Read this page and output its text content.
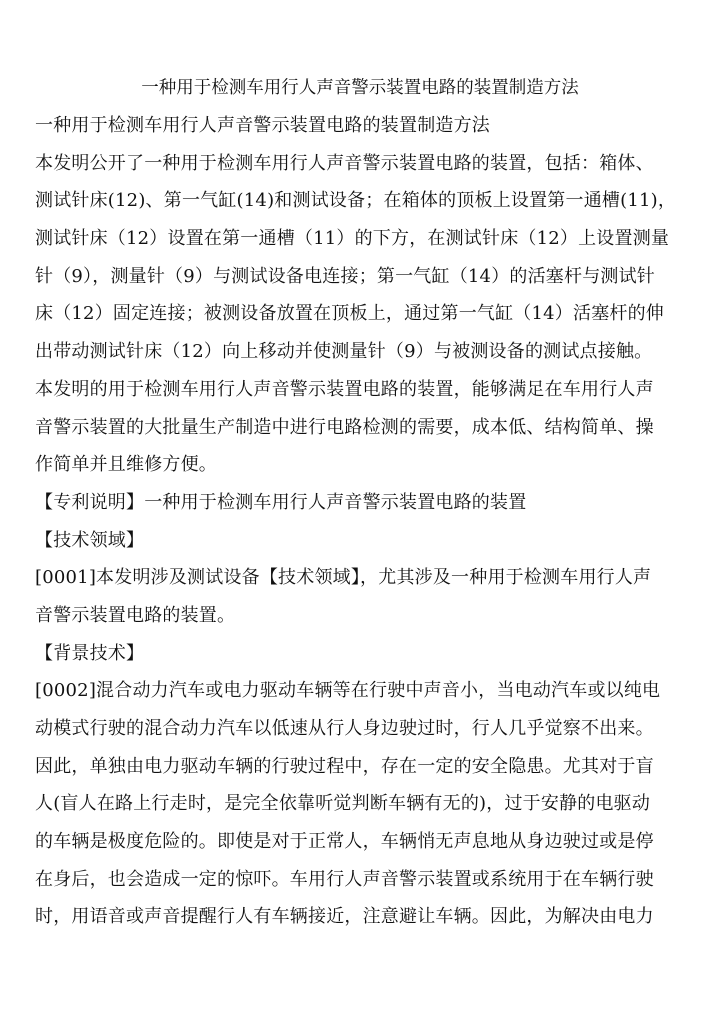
一种用于检测车用行人声音警示装置电路的装置制造方法
一种用于检测车用行人声音警示装置电路的装置制造方法
本发明公开了一种用于检测车用行人声音警示装置电路的装置，包括：箱体、
测试针床(12)、第一气缸(14)和测试设备；在箱体的顶板上设置第一通槽(11)，
测试针床（12）设置在第一通槽（11）的下方，在测试针床（12）上设置测量
针（9），测量针（9）与测试设备电连接；第一气缸（14）的活塞杆与测试针
床（12）固定连接；被测设备放置在顶板上，通过第一气缸（14）活塞杆的伸
出带动测试针床（12）向上移动并使测量针（9）与被测设备的测试点接触。
本发明的用于检测车用行人声音警示装置电路的装置，能够满足在车用行人声
音警示装置的大批量生产制造中进行电路检测的需要，成本低、结构简单、操
作简单并且维修方便。
【专利说明】一种用于检测车用行人声音警示装置电路的装置
【技术领域】
[0001]本发明涉及测试设备【技术领域】，尤其涉及一种用于检测车用行人声
音警示装置电路的装置。
【背景技术】
[0002]混合动力汽车或电力驱动车辆等在行驶中声音小，当电动汽车或以纯电
动模式行驶的混合动力汽车以低速从行人身边驶过时，行人几乎觉察不出来。
因此，单独由电力驱动车辆的行驶过程中，存在一定的安全隐患。尤其对于盲
人(盲人在路上行走时，是完全依靠听觉判断车辆有无的)，过于安静的电驱动
的车辆是极度危险的。即使是对于正常人，车辆悄无声息地从身边驶过或是停
在身后，也会造成一定的惊吓。车用行人声音警示装置或系统用于在车辆行驶
时，用语音或声音提醒行人有车辆接近，注意避让车辆。因此，为解决由电力
